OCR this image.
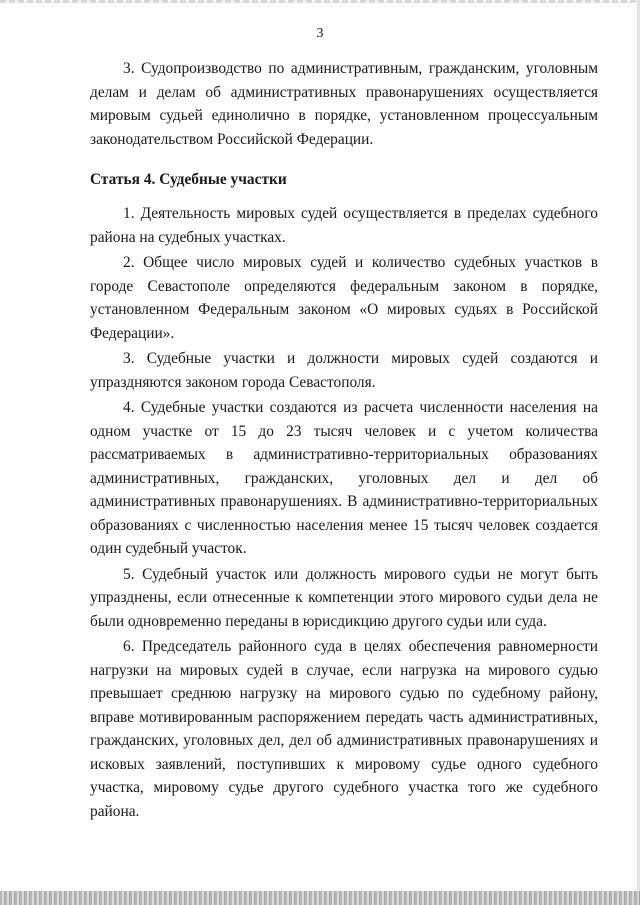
3

3. Судопроизводство по административным, гражданским, уголовным делам и делам об административных правонарушениях осуществляется мировым судьей единолично в порядке, установленном процессуальным законодательством Российской Федерации.

Статья 4. Судебные участки

1. Деятельность мировых судей осуществляется в пределах судебного района на судебных участках.

2. Общее число мировых судей и количество судебных участков в городе Севастополе определяются федеральным законом в порядке, установленном Федеральным законом «О мировых судьях в Российской Федерации».

3. Судебные участки и должности мировых судей создаются и упраздняются законом города Севастополя.

4. Судебные участки создаются из расчета численности населения на одном участке от 15 до 23 тысяч человек и с учетом количества рассматриваемых в административно-территориальных образованиях административных, гражданских, уголовных дел и дел об административных правонарушениях. В административно-территориальных образованиях с численностью населения менее 15 тысяч человек создается один судебный участок.

5. Судебный участок или должность мирового судьи не могут быть упразднены, если отнесенные к компетенции этого мирового судьи дела не были одновременно переданы в юрисдикцию другого судьи или суда.

6. Председатель районного суда в целях обеспечения равномерности нагрузки на мировых судей в случае, если нагрузка на мирового судью превышает среднюю нагрузку на мирового судью по судебному району, вправе мотивированным распоряжением передать часть административных, гражданских, уголовных дел, дел об административных правонарушениях и исковых заявлений, поступивших к мировому судье одного судебного участка, мировому судье другого судебного участка того же судебного района.
